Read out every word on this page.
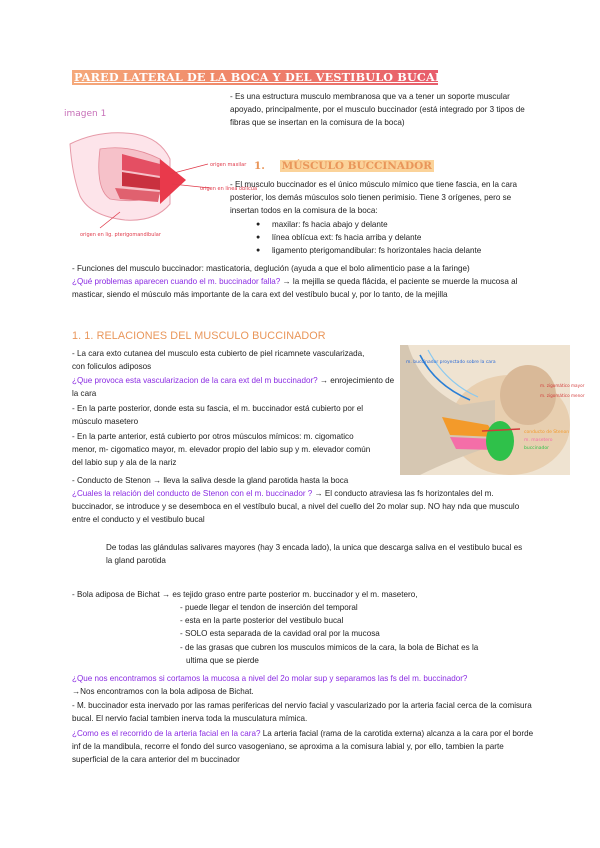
PARED LATERAL DE LA BOCA Y DEL VESTIBULO BUCAL
imagen 1
origen maxilar
origen en línea oblícua
origen en lig. pterigomandibular
- Es una estructura musculo membranosa que va a tener un soporte muscular apoyado, principalmente, por el musculo buccinador (está integrado por 3 tipos de fibras que se insertan en la comisura de la boca)
1. MÚSCULO BUCCINADOR
- El musculo buccinador es el único músculo mímico que tiene fascia, en la cara posterior, los demás músculos solo tienen perimisio. Tiene 3 orígenes, pero se insertan todos en la comisura de la boca:
● maxilar: fs hacia abajo y delante
● línea oblícua ext: fs hacia arriba y delante
● ligamento pterigomandibular: fs horizontales hacia delante
- Funciones del musculo buccinador: masticatoria, deglución (ayuda a que el bolo alimenticio pase a la faringe)
¿Qué problemas aparecen cuando el m. buccinador falla? → la mejilla se queda flácida, el paciente se muerde la mucosa al masticar, siendo el músculo más importante de la cara ext del vestíbulo bucal y, por lo tanto, de la mejilla
1. 1. RELACIONES DEL MUSCULO BUCCINADOR
m. buccinador proyectado sobre la cara
m. zigomático mayor
m. zigomático menor
conducto de Stenon
m. masetero
buccinador
- La cara exto cutanea del musculo esta cubierto de piel ricamnete vascularizada, con foliculos adiposos
¿Que provoca esta vascularizacion de la cara ext del m buccinador? → enrojecimiento de la cara
- En la parte posterior, donde esta su fascia, el m. buccinador está cubierto por el músculo masetero
- En la parte anterior, está cubierto por otros músculos mímicos: m. cigomatico menor, m- cigomatico mayor, m. elevador propio del labio sup y m. elevador común del labio sup y ala de la nariz
- Conducto de Stenon → lleva la saliva desde la gland parotida hasta la boca
¿Cuales la relación del conducto de Stenon con el m. buccinador ? → El conducto atraviesa las fs horizontales del m. buccinador, se introduce y se desemboca en el vestíbulo bucal, a nivel del cuello del 2o molar sup. NO hay nda que musculo entre el conducto y el vestibulo bucal
De todas las glándulas salivares mayores (hay 3 encada lado), la unica que descarga saliva en el vestibulo bucal es la gland parotida
- Bola adiposa de Bichat → es tejido graso entre parte posterior m. buccinador y el m. masetero,
- puede llegar el tendon de inserción del temporal
- esta en la parte posterior del vestibulo bucal
- SOLO esta separada de la cavidad oral por la mucosa
- de las grasas que cubren los musculos mimicos de la cara, la bola de Bichat es la
ultima que se pierde
¿Que nos encontramos si cortamos la mucosa a nivel del 2o molar sup y separamos las fs del m. buccinador?
→Nos encontramos con la bola adiposa de Bichat.
- M. buccinador esta inervado por las ramas perifericas del nervio facial y vascularizado por la arteria facial cerca de la comisura bucal. El nervio facial tambien inerva toda la musculatura mímica.
¿Como es el recorrido de la arteria facial en la cara? La arteria facial (rama de la carotida externa) alcanza a la cara por el borde inf de la mandibula, recorre el fondo del surco vasogeniano, se aproxima a la comisura labial y, por ello, tambien la parte superficial de la cara anterior del m buccinador
